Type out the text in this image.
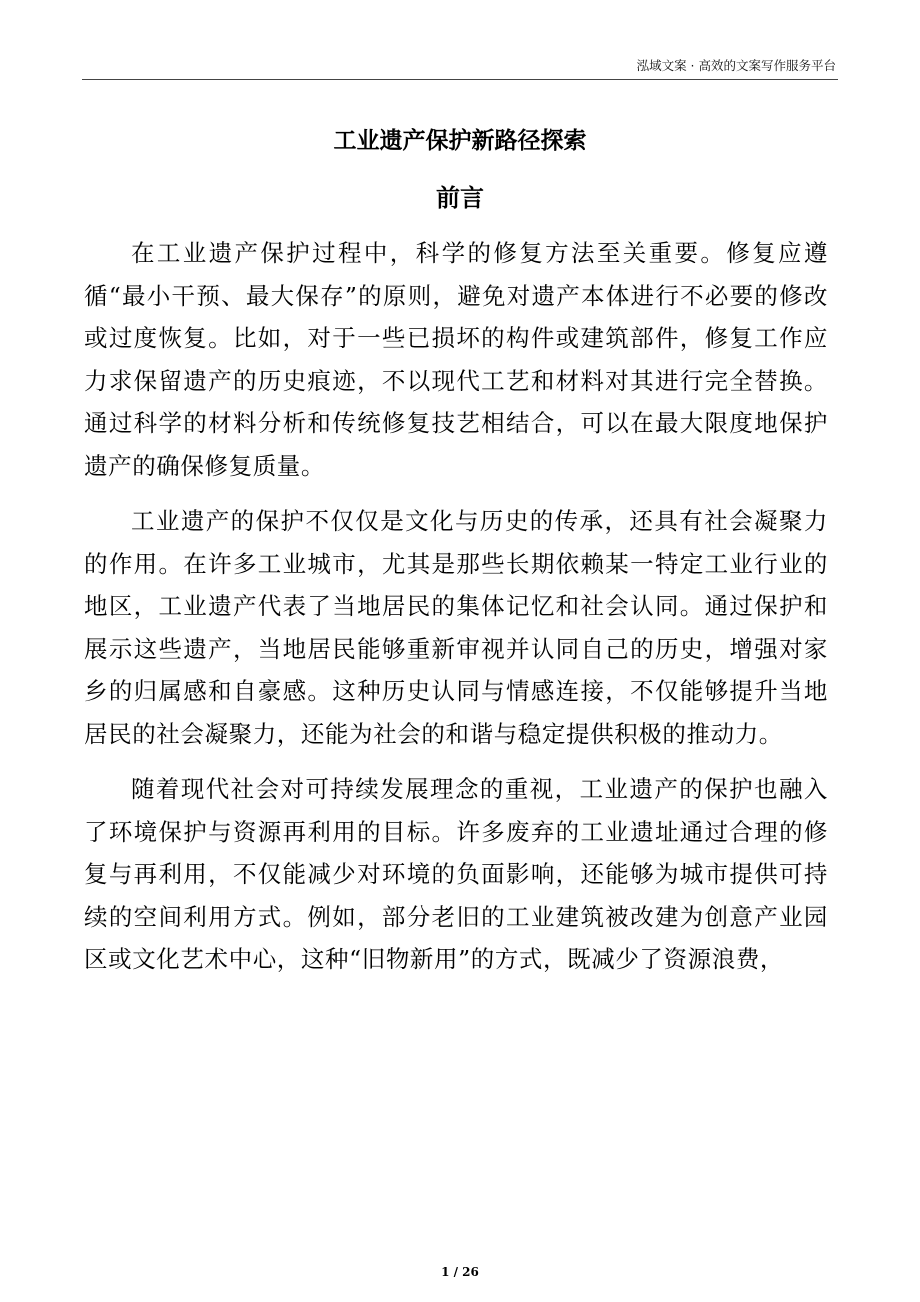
泓域文案 · 高效的文案写作服务平台
工业遗产保护新路径探索
前言

在工业遗产保护过程中，科学的修复方法至关重要。修复应遵循“最小干预、最大保存”的原则，避免对遗产本体进行不必要的修改或过度恢复。比如，对于一些已损坏的构件或建筑部件，修复工作应力求保留遗产的历史痕迹，不以现代工艺和材料对其进行完全替换。通过科学的材料分析和传统修复技艺相结合，可以在最大限度地保护遗产的确保修复质量。

工业遗产的保护不仅仅是文化与历史的传承，还具有社会凝聚力的作用。在许多工业城市，尤其是那些长期依赖某一特定工业行业的地区，工业遗产代表了当地居民的集体记忆和社会认同。通过保护和展示这些遗产，当地居民能够重新审视并认同自己的历史，增强对家乡的归属感和自豪感。这种历史认同与情感连接，不仅能够提升当地居民的社会凝聚力，还能为社会的和谐与稳定提供积极的推动力。

随着现代社会对可持续发展理念的重视，工业遗产的保护也融入了环境保护与资源再利用的目标。许多废弃的工业遗址通过合理的修复与再利用，不仅能减少对环境的负面影响，还能够为城市提供可持续的空间利用方式。例如，部分老旧的工业建筑被改建为创意产业园区或文化艺术中心，这种“旧物新用”的方式，既减少了资源浪费，

1 / 26
